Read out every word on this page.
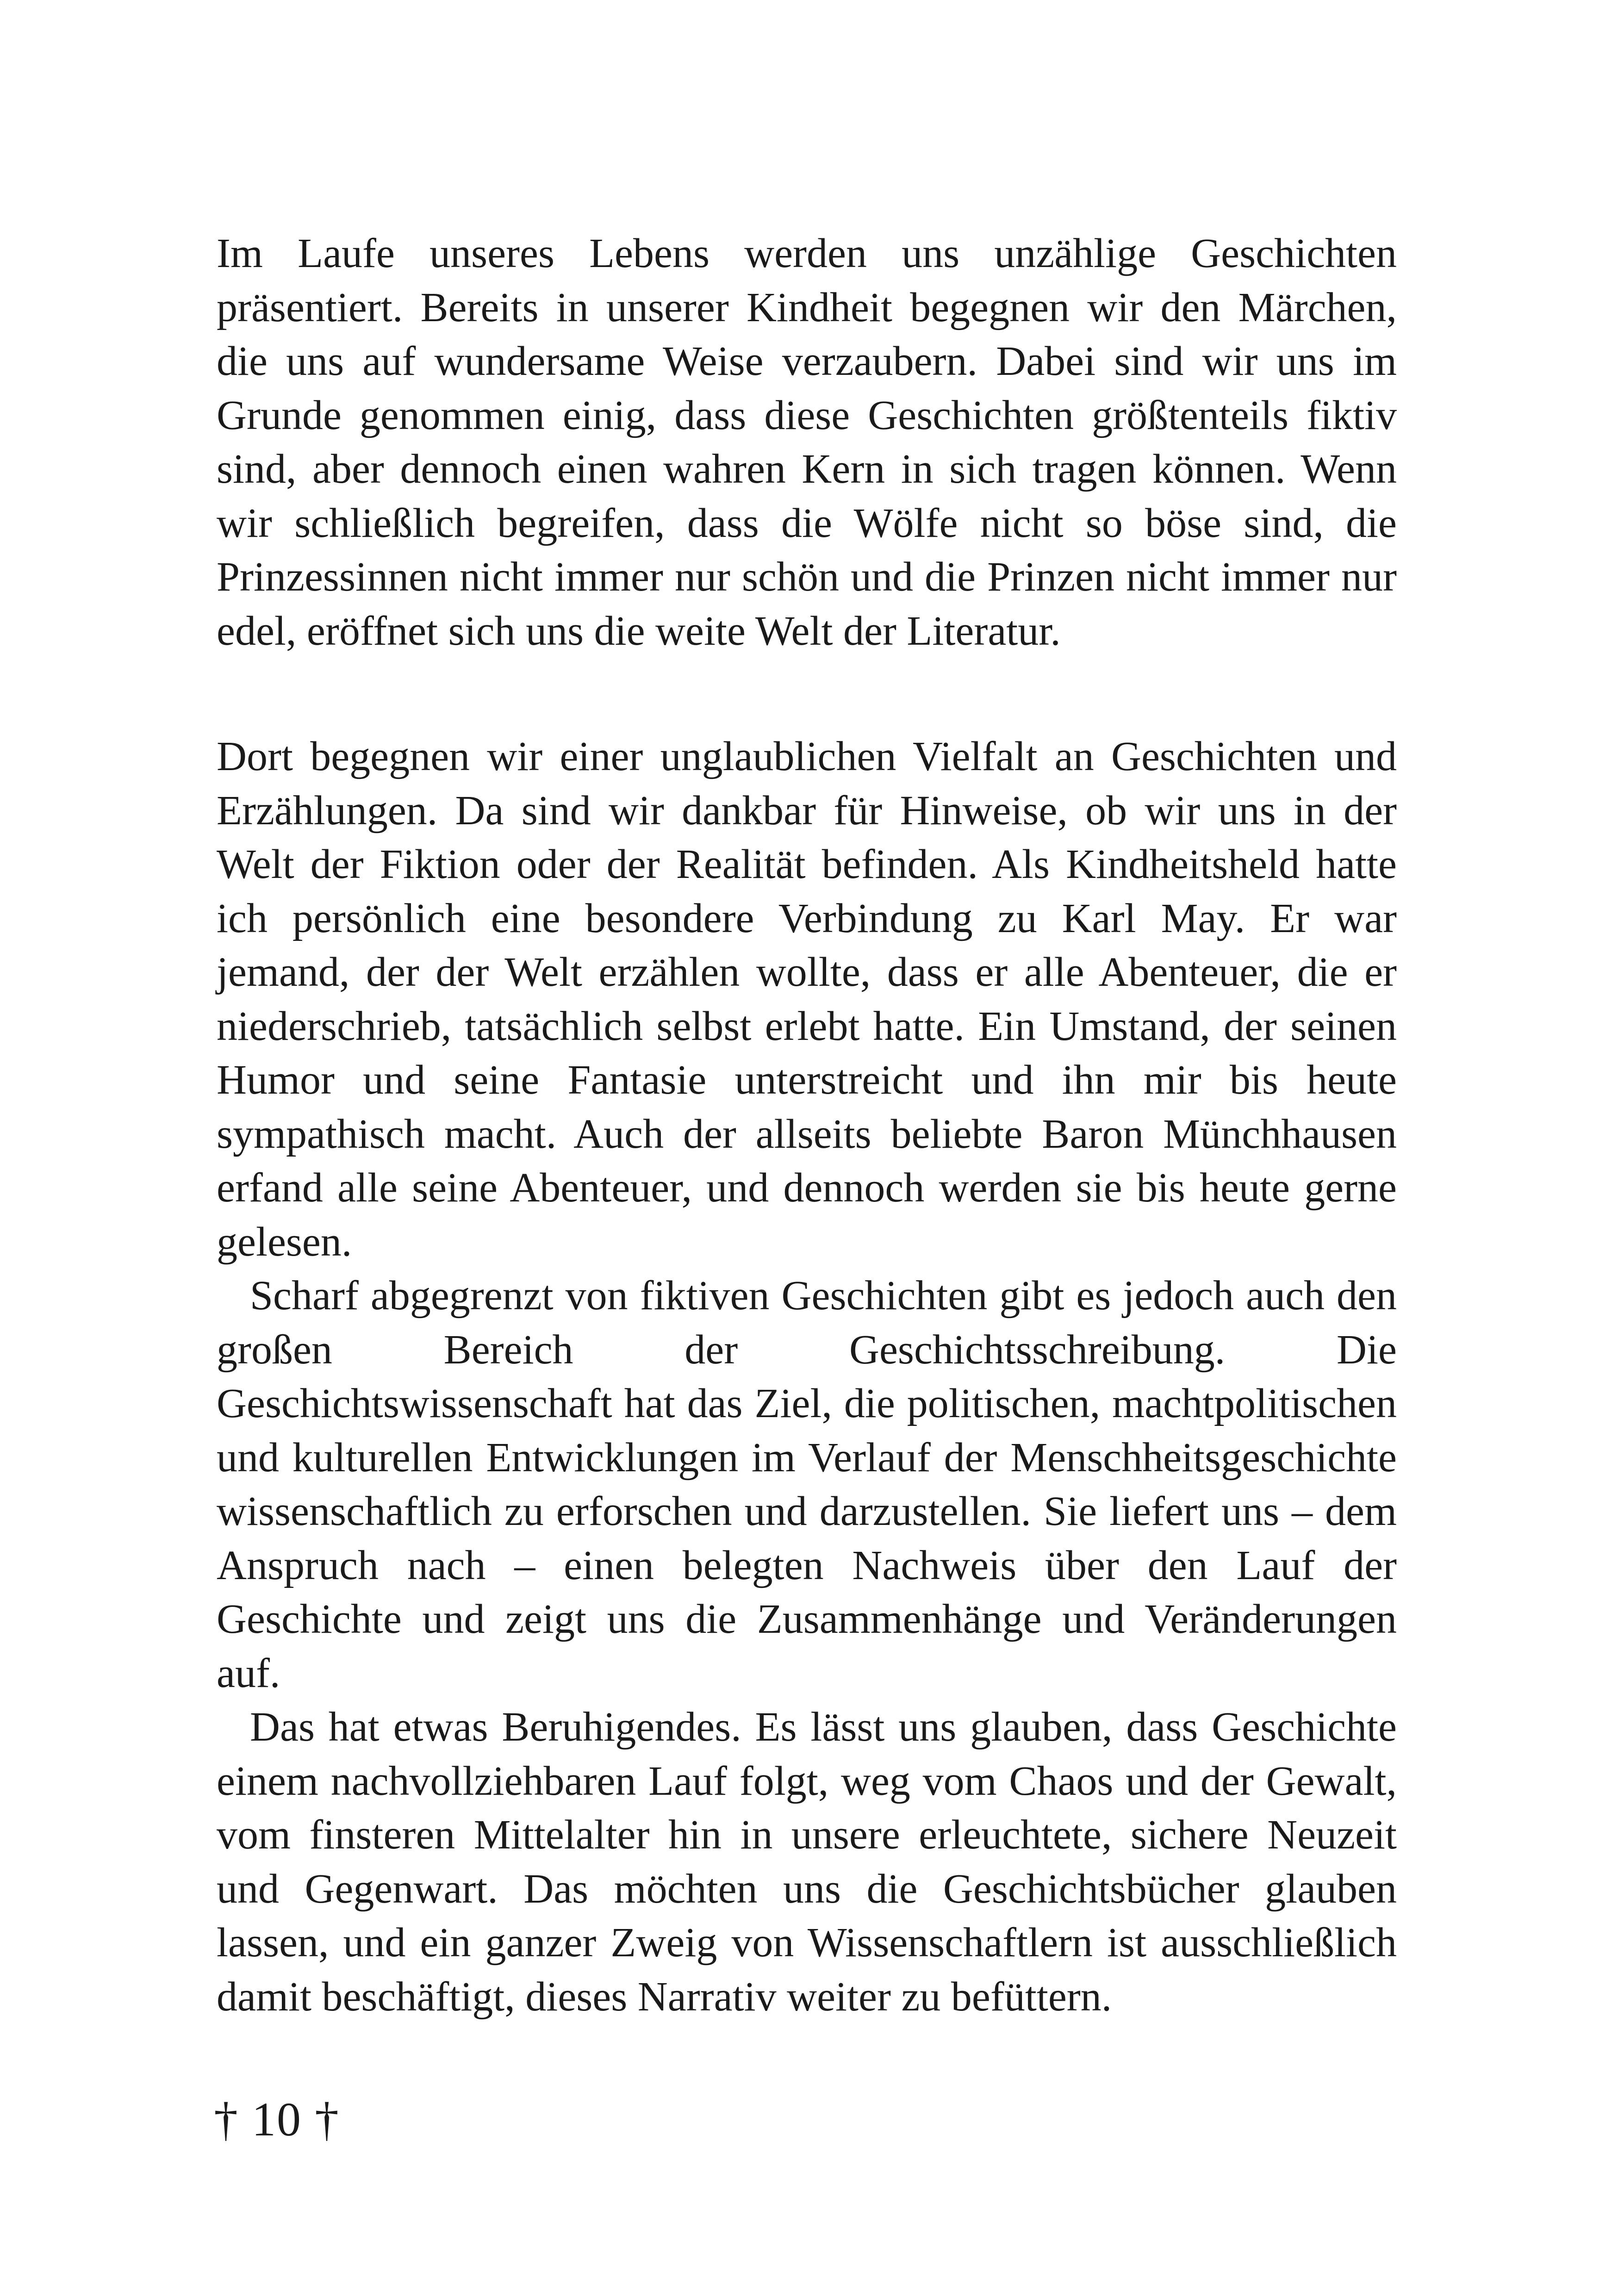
Im Laufe unseres Lebens werden uns unzählige Geschichten präsentiert. Bereits in unserer Kindheit begegnen wir den Märchen, die uns auf wundersame Weise verzaubern. Dabei sind wir uns im Grunde genommen einig, dass diese Geschichten größtenteils fiktiv sind, aber dennoch einen wahren Kern in sich tragen können. Wenn wir schließlich begreifen, dass die Wölfe nicht so böse sind, die Prinzessinnen nicht immer nur schön und die Prinzen nicht immer nur edel, eröffnet sich uns die weite Welt der Literatur.

Dort begegnen wir einer unglaublichen Vielfalt an Geschichten und Erzählungen. Da sind wir dankbar für Hinweise, ob wir uns in der Welt der Fiktion oder der Realität befinden. Als Kindheitsheld hatte ich persönlich eine besondere Verbindung zu Karl May. Er war jemand, der der Welt erzählen wollte, dass er alle Abenteuer, die er niederschrieb, tatsächlich selbst erlebt hatte. Ein Umstand, der seinen Humor und seine Fantasie unterstreicht und ihn mir bis heute sympathisch macht. Auch der allseits beliebte Baron Münchhausen erfand alle seine Abenteuer, und dennoch werden sie bis heute gerne gelesen.

Scharf abgegrenzt von fiktiven Geschichten gibt es jedoch auch den großen Bereich der Geschichtsschreibung. Die Geschichtswissenschaft hat das Ziel, die politischen, machtpolitischen und kulturellen Entwicklungen im Verlauf der Menschheitsgeschichte wissenschaftlich zu erforschen und darzustellen. Sie liefert uns – dem Anspruch nach – einen belegten Nachweis über den Lauf der Geschichte und zeigt uns die Zusammenhänge und Veränderungen auf.

Das hat etwas Beruhigendes. Es lässt uns glauben, dass Geschichte einem nachvollziehbaren Lauf folgt, weg vom Chaos und der Gewalt, vom finsteren Mittelalter hin in unsere erleuchtete, sichere Neuzeit und Gegenwart. Das möchten uns die Geschichtsbücher glauben lassen, und ein ganzer Zweig von Wissenschaftlern ist ausschließlich damit beschäftigt, dieses Narrativ weiter zu befüttern.

† 10 †
